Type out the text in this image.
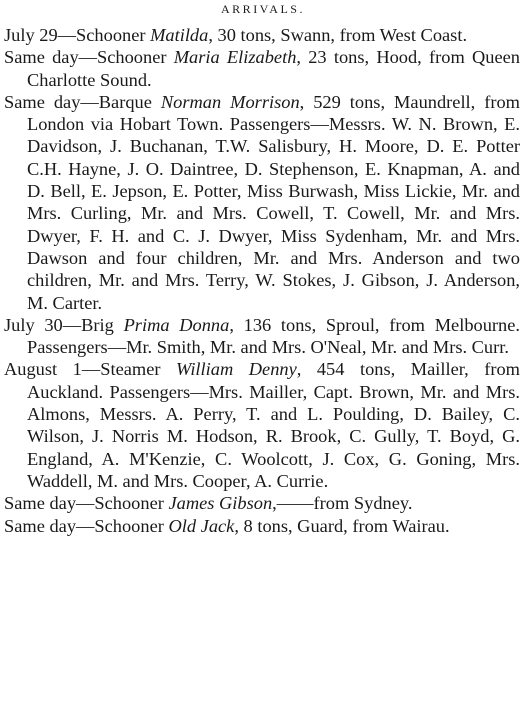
ARRIVALS.

July 29—Schooner Matilda, 30 tons, Swann, from West Coast.

Same day—Schooner Maria Elizabeth, 23 tons, Hood, from Queen Charlotte Sound.

Same day—Barque Norman Morrison, 529 tons, Maundrell, from London via Hobart Town. Passengers—Messrs. W. N. Brown, E. Davidson, J. Buchanan, T.W. Salisbury, H. Moore, D. E. Potter C.H. Hayne, J. O. Daintree, D. Stephenson, E. Knapman, A. and D. Bell, E. Jepson, E. Potter, Miss Burwash, Miss Lickie, Mr. and Mrs. Curling, Mr. and Mrs. Cowell, T. Cowell, Mr. and Mrs. Dwyer, F. H. and C. J. Dwyer, Miss Sydenham, Mr. and Mrs. Dawson and four children, Mr. and Mrs. Anderson and two children, Mr. and Mrs. Terry, W. Stokes, J. Gibson, J. Anderson, M. Carter.

July 30—Brig Prima Donna, 136 tons, Sproul, from Melbourne. Passengers—Mr. Smith, Mr. and Mrs. O'Neal, Mr. and Mrs. Curr.

August 1—Steamer William Denny, 454 tons, Mailler, from Auckland. Passengers—Mrs. Mailler, Capt. Brown, Mr. and Mrs. Almons, Messrs. A. Perry, T. and L. Poulding, D. Bailey, C. Wilson, J. Norris M. Hodson, R. Brook, C. Gully, T. Boyd, G. England, A. M'Kenzie, C. Woolcott, J. Cox, G. Goning, Mrs. Waddell, M. and Mrs. Cooper, A. Currie.

Same day—Schooner James Gibson,——from Sydney.

Same day—Schooner Old Jack, 8 tons, Guard, from Wairau.
